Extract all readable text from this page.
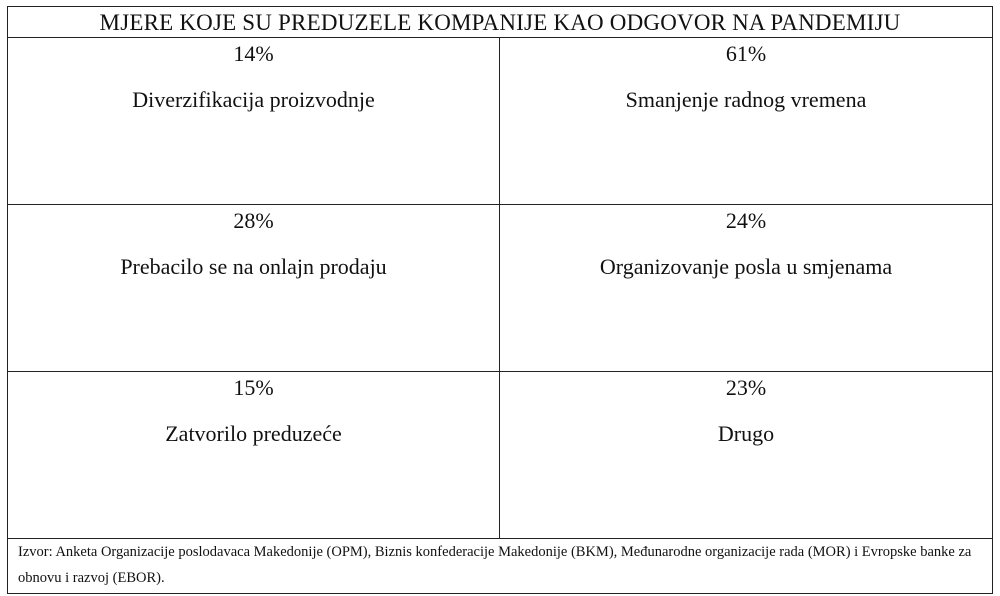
MJERE KOJE SU PREDUZELE KOMPANIJE KAO ODGOVOR NA PANDEMIJU
14%
Diverzifikacija proizvodnje
61%
Smanjenje radnog vremena
28%
Prebacilo se na onlajn prodaju
24%
Organizovanje posla u smjenama
15%
Zatvorilo preduzeće
23%
Drugo
Izvor: Anketa Organizacije poslodavaca Makedonije (OPM), Biznis konfederacije Makedonije (BKM), Međunarodne organizacije rada (MOR) i Evropske banke za obnovu i razvoj (EBOR).
